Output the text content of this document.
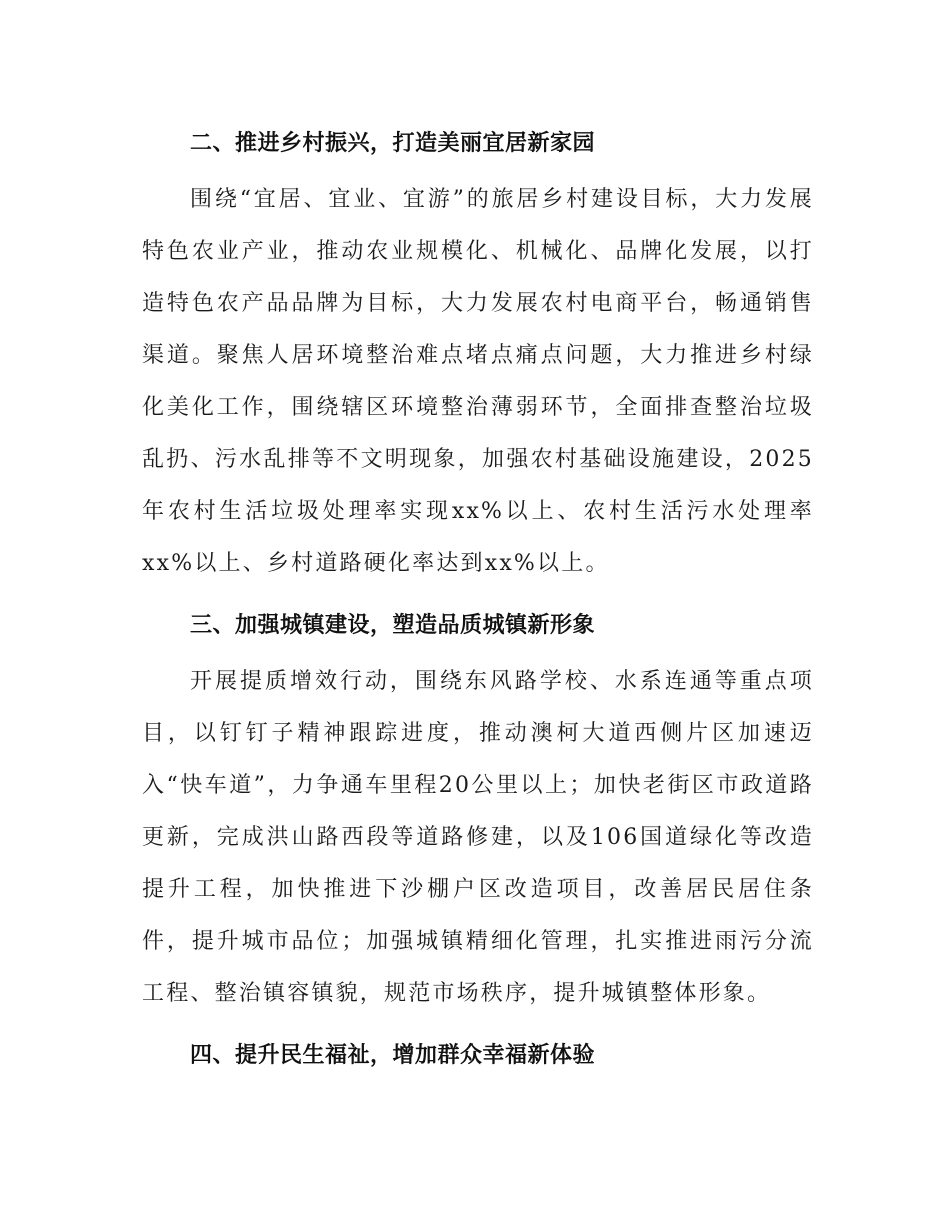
二、推进乡村振兴，打造美丽宜居新家园

围绕“宜居、宜业、宜游”的旅居乡村建设目标，大力发展特色农业产业，推动农业规模化、机械化、品牌化发展，以打造特色农产品品牌为目标，大力发展农村电商平台，畅通销售渠道。聚焦人居环境整治难点堵点痛点问题，大力推进乡村绿化美化工作，围绕辖区环境整治薄弱环节，全面排查整治垃圾乱扔、污水乱排等不文明现象，加强农村基础设施建设，2025年农村生活垃圾处理率实现xx%以上、农村生活污水处理率xx%以上、乡村道路硬化率达到xx%以上。

三、加强城镇建设，塑造品质城镇新形象

开展提质增效行动，围绕东风路学校、水系连通等重点项目，以钉钉子精神跟踪进度，推动澳柯大道西侧片区加速迈入“快车道”，力争通车里程20公里以上；加快老街区市政道路更新，完成洪山路西段等道路修建，以及106国道绿化等改造提升工程，加快推进下沙棚户区改造项目，改善居民居住条件，提升城市品位；加强城镇精细化管理，扎实推进雨污分流工程、整治镇容镇貌，规范市场秩序，提升城镇整体形象。

四、提升民生福祉，增加群众幸福新体验
